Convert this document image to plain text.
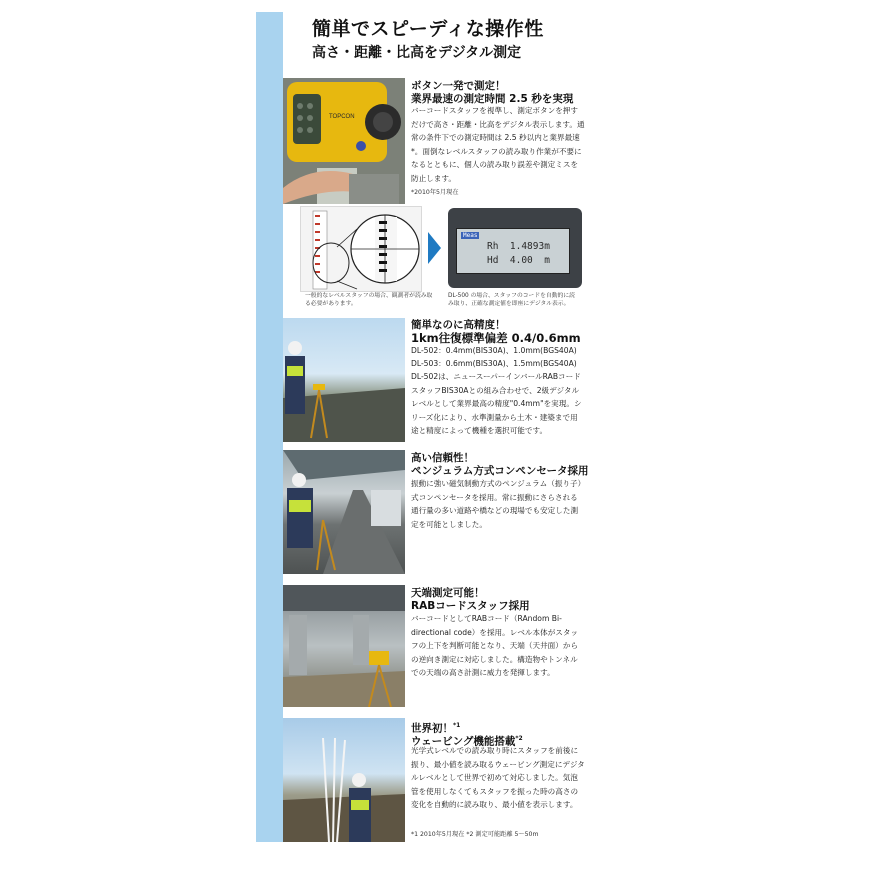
簡単でスピーディな操作性
高さ・距離・比高をデジタル測定
TOPCON
ボタン一発で測定！
業界最速の測定時間 2.5 秒を実現
バーコードスタッフを視準し、測定ボタンを押すだけで高さ・距離・比高をデジタル表示します。通常の条件下での測定時間は 2.5 秒以内と業界最速*。面倒なレベルスタッフの読み取り作業が不要になるとともに、個人の読み取り誤差や測定ミスを防止します。
*2010年5月現在
Meas
Rh  1.4893m
Hd  4.00  m
一般的なレベルスタッフの場合、観測者が読み取る必要があります。
DL-500 の場合、スタッフのコードを自動的に読み取り、正確な測定値を即座にデジタル表示。
簡単なのに高精度！
1km往復標準偏差 0.4/0.6mm
DL-502：0.4mm(BIS30A)、1.0mm(BGS40A)
DL-503：0.6mm(BIS30A)、1.5mm(BGS40A)
DL-502は、ニュースーパーインバールRABコードスタッフBIS30Aとの組み合わせで、2級デジタルレベルとして業界最高の精度"0.4mm"を実現。シリーズ化により、水準測量から土木・建築まで用途と精度によって機種を選択可能です。
高い信頼性！
ペンジュラム方式コンペンセータ採用
振動に強い磁気制動方式のペンジュラム（振り子）式コンペンセータを採用。常に振動にさらされる通行量の多い道路や橋などの現場でも安定した測定を可能としました。
天端測定可能！
RABコードスタッフ採用
バーコードとしてRABコード（RAndom Bi-directional code）を採用。レベル本体がスタッフの上下を判断可能となり、天端（天井面）からの逆向き測定に対応しました。構造物やトンネルでの天端の高さ計測に威力を発揮します。
世界初！$^{*1}$
ウェービング機能搭載$^{*2}$
光学式レベルでの読み取り時にスタッフを前後に振り、最小値を読み取るウェービング測定にデジタルレベルとして世界で初めて対応しました。気泡管を使用しなくてもスタッフを振った時の高さの変化を自動的に読み取り、最小値を表示します。
*1 2010年5月現在 *2 測定可能距離 5〜50m
